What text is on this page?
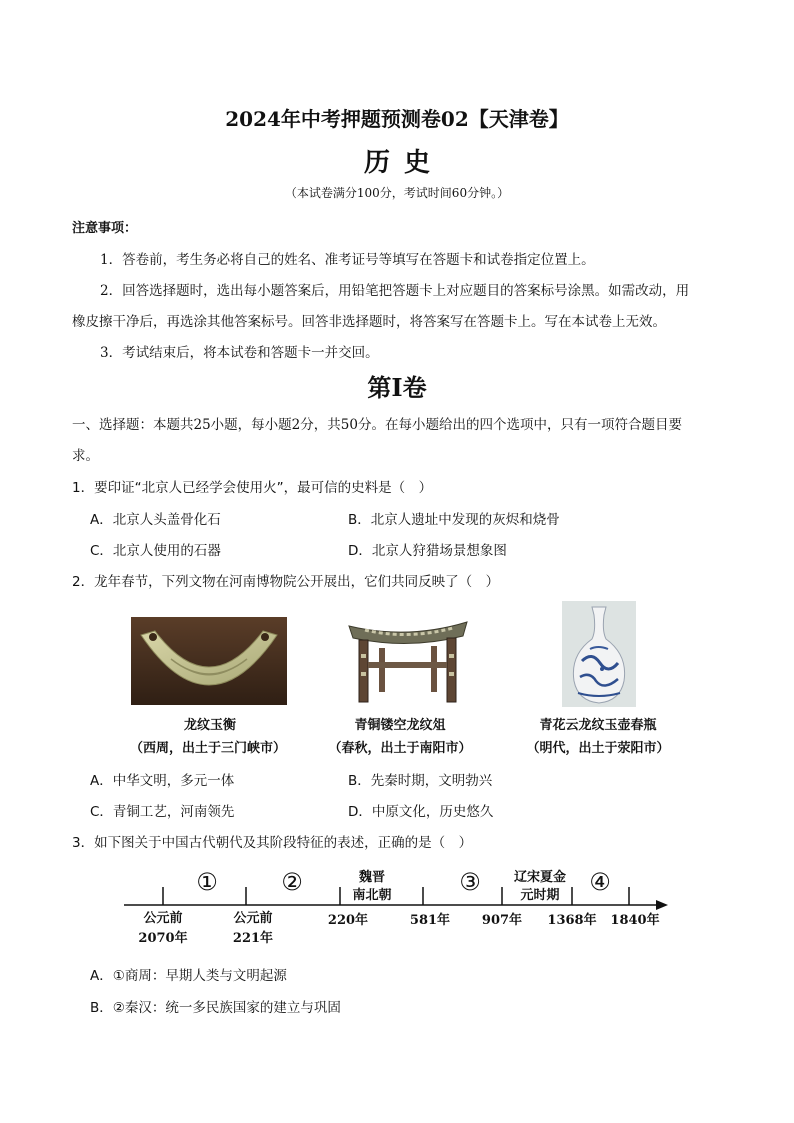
2024年中考押题预测卷02【天津卷】
历史
（本试卷满分100分，考试时间60分钟。）
注意事项：
1．答卷前，考生务必将自己的姓名、准考证号等填写在答题卡和试卷指定位置上。
2．回答选择题时，选出每小题答案后，用铅笔把答题卡上对应题目的答案标号涂黑。如需改动，用
橡皮擦干净后，再选涂其他答案标号。回答非选择题时，将答案写在答题卡上。写在本试卷上无效。
3．考试结束后，将本试卷和答题卡一并交回。
第Ⅰ卷
一、选择题：本题共25小题，每小题2分，共50分。在每小题给出的四个选项中，只有一项符合题目要
求。
1．要印证“北京人已经学会使用火”，最可信的史料是（　）
A．北京人头盖骨化石	B．北京人遗址中发现的灰烬和烧骨
C．北京人使用的石器	D．北京人狩猎场景想象图
2．龙年春节，下列文物在河南博物院公开展出，它们共同反映了（　）
龙纹玉衡
（西周，出土于三门峡市）
青铜镂空龙纹俎
（春秋，出土于南阳市）
青花云龙纹玉壶春瓶
（明代，出土于荥阳市）
A．中华文明，多元一体	B．先秦时期，文明勃兴
C．青铜工艺，河南领先	D．中原文化，历史悠久
3．如下图关于中国古代朝代及其阶段特征的表述，正确的是（　）
①	②	③	④
魏晋
南北朝
辽宋夏金
元时期
公元前
2070年
公元前
221年
220年	581年	907年	1368年	1840年
A．①商周：早期人类与文明起源
B．②秦汉：统一多民族国家的建立与巩固
